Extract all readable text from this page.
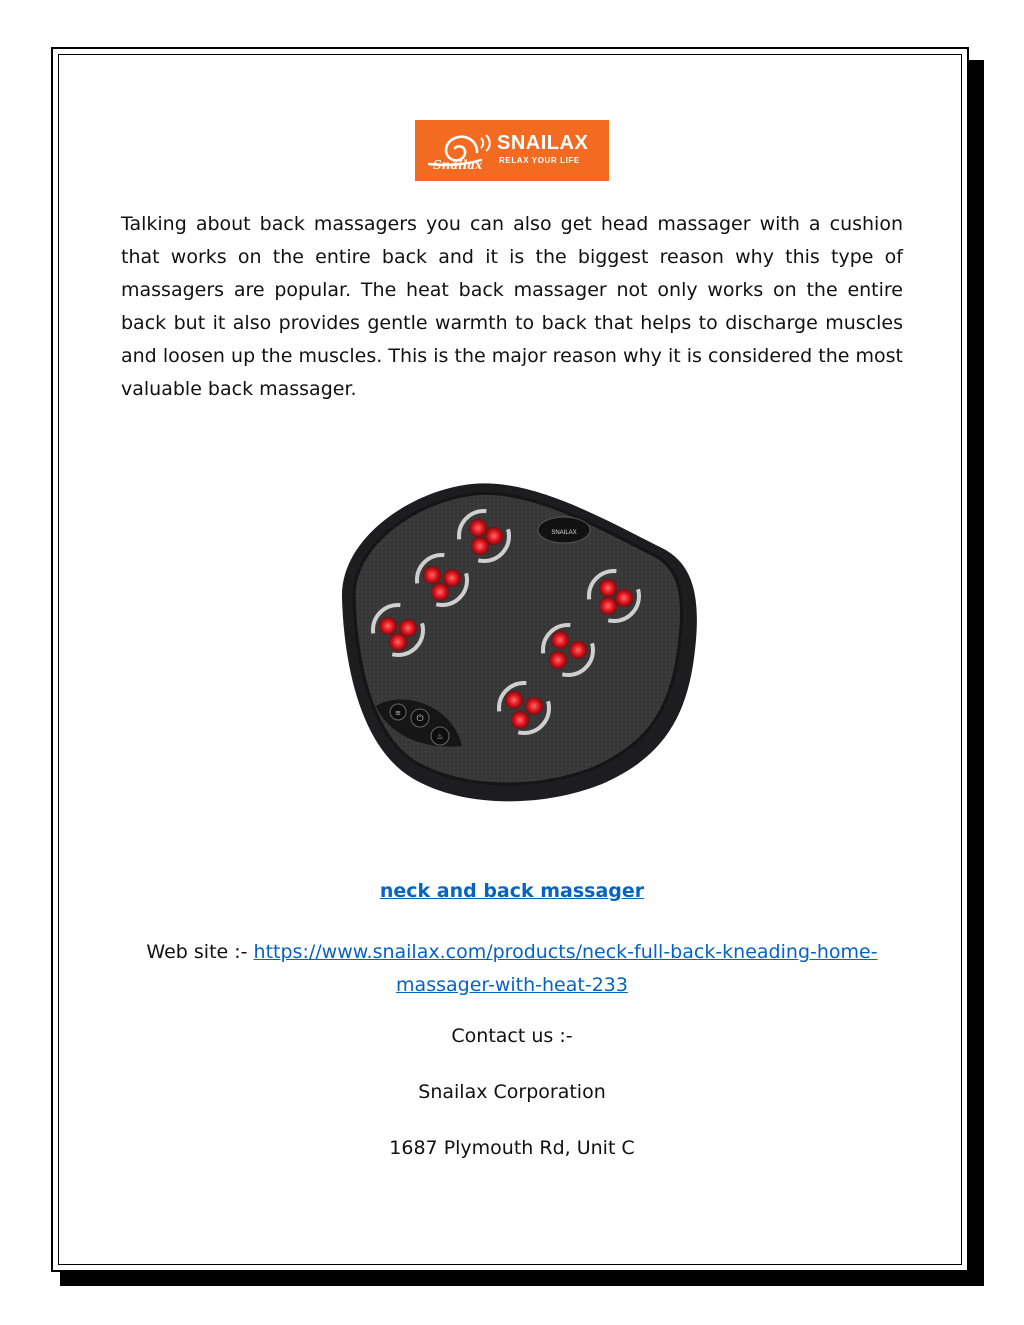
Snailax
SNAILAX
RELAX YOUR LIFE
Talking about back massagers you can also get head massager with a cushion that works on the entire back and it is the biggest reason why this type of massagers are popular. The heat back massager not only works on the entire back but it also provides gentle warmth to back that helps to discharge muscles and loosen up the muscles. This is the major reason why it is considered the most valuable back massager.
SNAILAX
≡
⏻
♨
neck and back massager
Web site :- https://www.snailax.com/products/neck-full-back-kneading-home-
massager-with-heat-233
Contact us :-
Snailax Corporation
1687 Plymouth Rd, Unit C
